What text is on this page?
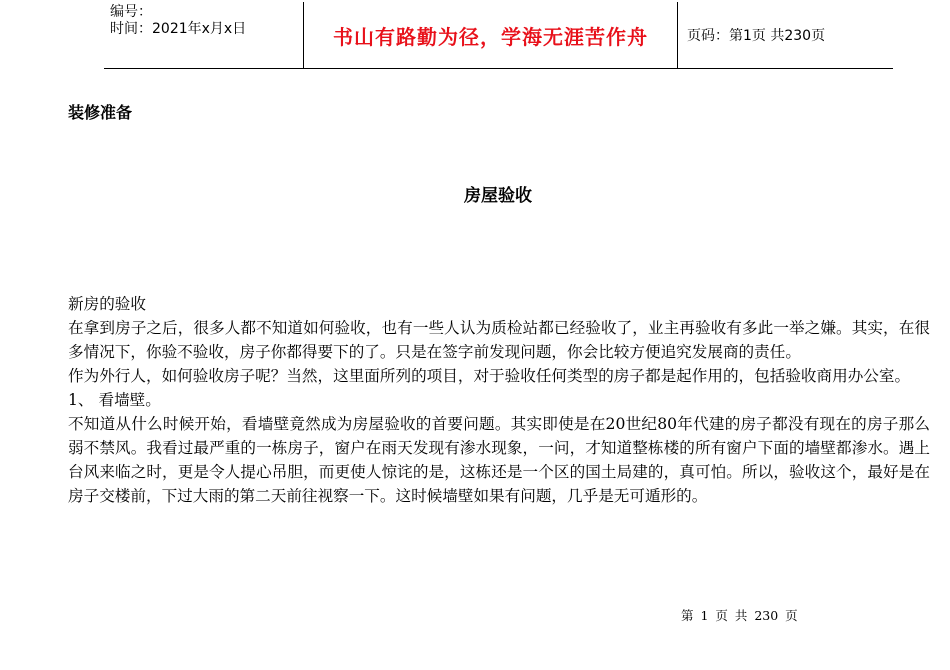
编号：
时间：2021年x月x日	书山有路勤为径，学海无涯苦作舟	页码：第1页 共230页
装修准备
房屋验收

新房的验收

在拿到房子之后，很多人都不知道如何验收，也有一些人认为质检站都已经验收了，业主再验收有多此一举之嫌。其实，在很多情况下，你验不验收，房子你都得要下的了。只是在签字前发现问题，你会比较方便追究发展商的责任。

作为外行人，如何验收房子呢？当然，这里面所列的项目，对于验收任何类型的房子都是起作用的，包括验收商用办公室。

1、 看墙壁。

不知道从什么时候开始，看墙壁竟然成为房屋验收的首要问题。其实即使是在20世纪80年代建的房子都没有现在的房子那么弱不禁风。我看过最严重的一栋房子，窗户在雨天发现有渗水现象，一问，才知道整栋楼的所有窗户下面的墙壁都渗水。遇上台风来临之时，更是令人提心吊胆，而更使人惊诧的是，这栋还是一个区的国土局建的，真可怕。所以，验收这个，最好是在房子交楼前，下过大雨的第二天前往视察一下。这时候墙壁如果有问题，几乎是无可遁形的。

第 1 页 共 230 页
